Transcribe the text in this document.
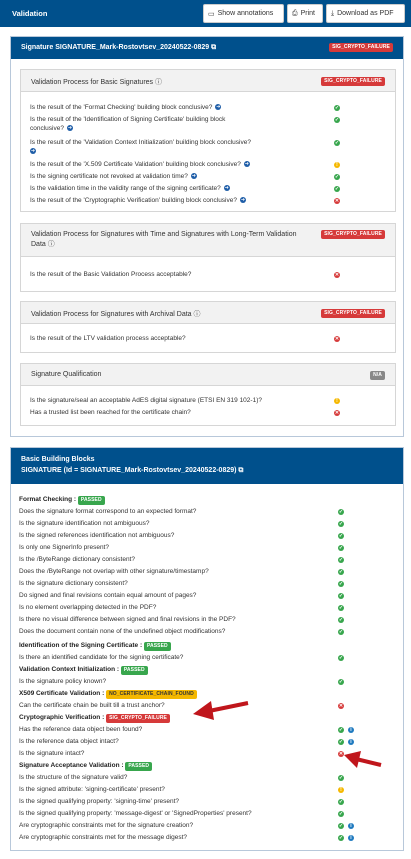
Validation	▭ Show annotations	⎙ Print ⤓ Download as PDF
Signature SIGNATURE_Mark-Rostovtsev_20240522-0829 ⧉	SIG_CRYPTO_FAILURE
Validation Process for Basic Signatures ⓘ	SIG_CRYPTO_FAILURE
Is the result of the 'Format Checking' building block conclusive? ➜	✓
Is the result of the 'Identification of Signing Certificate' building block
conclusive? ➜
✓
Is the result of the 'Validation Context Initialization' building block conclusive?
➜
✓
Is the result of the 'X.509 Certificate Validation' building block conclusive? ➜	!
Is the signing certificate not revoked at validation time? ➜	✓
Is the validation time in the validity range of the signing certificate? ➜	✓
Is the result of the 'Cryptographic Verification' building block conclusive? ➜	✕
Validation Process for Signatures with Time and Signatures with Long-Term Validation
Data ⓘ
SIG_CRYPTO_FAILURE
Is the result of the Basic Validation Process acceptable?	✕
Validation Process for Signatures with Archival Data ⓘ	SIG_CRYPTO_FAILURE
Is the result of the LTV validation process acceptable?	✕
Signature Qualification	N/A
Is the signature/seal an acceptable AdES digital signature (ETSI EN 319 102-1)?	!
Has a trusted list been reached for the certificate chain?	✕
Basic Building Blocks
SIGNATURE (Id = SIGNATURE_Mark-Rostovtsev_20240522-0829) ⧉
Format Checking : PASSED
Does the signature format correspond to an expected format?	✓
Is the signature identification not ambiguous?	✓
Is the signed references identification not ambiguous?	✓
Is only one SignerInfo present?	✓
Is the /ByteRange dictionary consistent?	✓
Does the /ByteRange not overlap with other signature/timestamp?	✓
Is the signature dictionary consistent?	✓
Do signed and final revisions contain equal amount of pages?	✓
Is no element overlapping detected in the PDF?	✓
Is there no visual difference between signed and final revisions in the PDF?	✓
Does the document contain none of the undefined object modifications?	✓
Identification of the Signing Certificate : PASSED
Is there an identified candidate for the signing certificate?	✓
Validation Context Initialization : PASSED
Is the signature policy known?	✓
X509 Certificate Validation : NO_CERTIFICATE_CHAIN_FOUND
Can the certificate chain be built till a trust anchor?	✕
Cryptographic Verification : SIG_CRYPTO_FAILURE
Has the reference data object been found?	✓	i
Is the reference data object intact?	✓	i
Is the signature intact?	✕
Signature Acceptance Validation : PASSED
Is the structure of the signature valid?	✓
Is the signed attribute: 'signing-certificate' present?	!
Is the signed qualifying property: 'signing-time' present?	✓
Is the signed qualifying property: 'message-digest' or 'SignedProperties' present?	✓
Are cryptographic constraints met for the signature creation?	✓	i
Are cryptographic constraints met for the message digest?	✓	i
